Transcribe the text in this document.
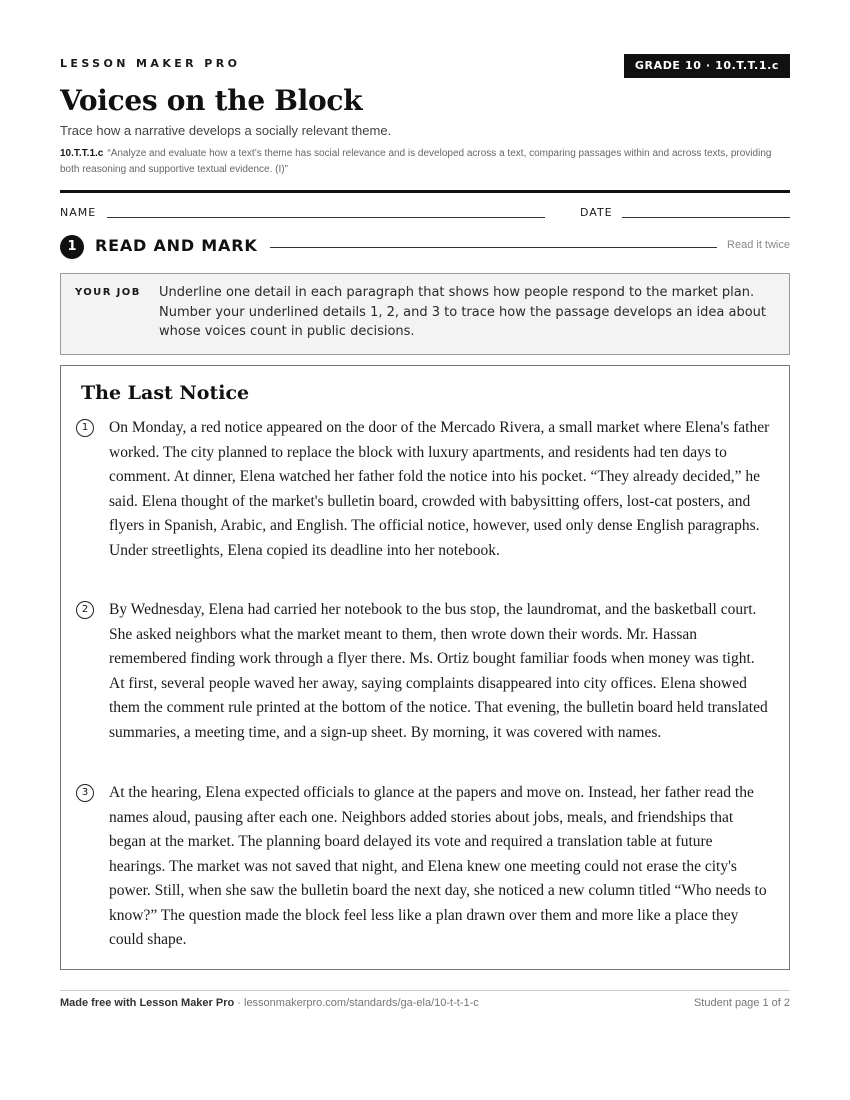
LESSON MAKER PRO	GRADE 10 · 10.T.T.1.c
Voices on the Block
Trace how a narrative develops a socially relevant theme.
10.T.T.1.c “Analyze and evaluate how a text’s theme has social relevance and is developed across a text, comparing passages within and across texts, providing both reasoning and supportive textual evidence. (I)”
NAME	DATE
1	READ AND MARK	Read it twice
YOUR JOB Underline one detail in each paragraph that shows how people respond to the market plan. Number your underlined details 1, 2, and 3 to trace how the passage develops an idea about whose voices count in public decisions.
The Last Notice
1	On Monday, a red notice appeared on the door of the Mercado Rivera, a small market where Elena's father worked. The city planned to replace the block with luxury apartments, and residents had ten days to comment. At dinner, Elena watched her father fold the notice into his pocket. “They already decided,” he said. Elena thought of the market's bulletin board, crowded with babysitting offers, lost-cat posters, and flyers in Spanish, Arabic, and English. The official notice, however, used only dense English paragraphs. Under streetlights, Elena copied its deadline into her notebook.

2	By Wednesday, Elena had carried her notebook to the bus stop, the laundromat, and the basketball court. She asked neighbors what the market meant to them, then wrote down their words. Mr. Hassan remembered finding work through a flyer there. Ms. Ortiz bought familiar foods when money was tight. At first, several people waved her away, saying complaints disappeared into city offices. Elena showed them the comment rule printed at the bottom of the notice. That evening, the bulletin board held translated summaries, a meeting time, and a sign-up sheet. By morning, it was covered with names.

3	At the hearing, Elena expected officials to glance at the papers and move on. Instead, her father read the names aloud, pausing after each one. Neighbors added stories about jobs, meals, and friendships that began at the market. The planning board delayed its vote and required a translation table at future hearings. The market was not saved that night, and Elena knew one meeting could not erase the city's power. Still, when she saw the bulletin board the next day, she noticed a new column titled “Who needs to know?” The question made the block feel less like a plan drawn over them and more like a place they could shape.

Made free with Lesson Maker Pro · lessonmakerpro.com/standards/ga-ela/10-t-t-1-c	Student page 1 of 2
